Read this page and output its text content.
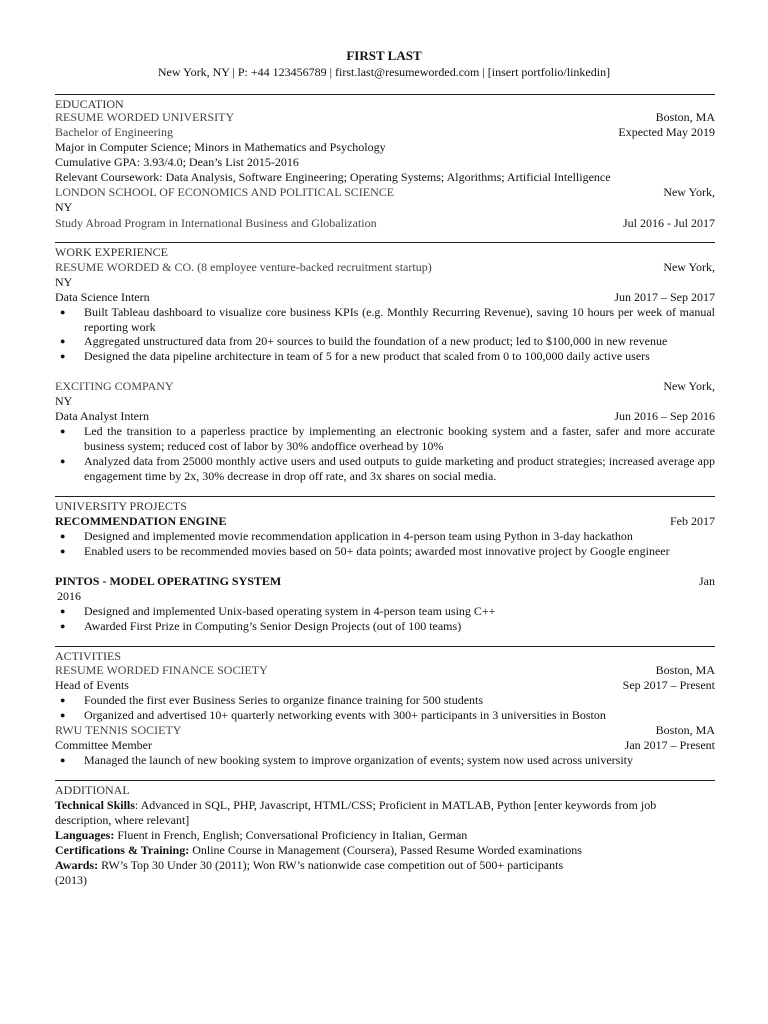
FIRST LAST
New York, NY | P: +44 123456789 | first.last@resumeworded.com | [insert portfolio/linkedin]
EDUCATION
RESUME WORDED UNIVERSITY	Boston, MA
Bachelor of Engineering	Expected May 2019
Major in Computer Science; Minors in Mathematics and Psychology
Cumulative GPA: 3.93/4.0; Dean’s List 2015-2016
Relevant Coursework: Data Analysis, Software Engineering; Operating Systems; Algorithms; Artificial Intelligence
LONDON SCHOOL OF ECONOMICS AND POLITICAL SCIENCE	New York,
NY
Study Abroad Program in International Business and Globalization	Jul 2016 - Jul 2017
WORK EXPERIENCE
RESUME WORDED & CO. (8 employee venture-backed recruitment startup)	New York,
NY
Data Science Intern	Jun 2017 – Sep 2017
● Built Tableau dashboard to visualize core business KPIs (e.g. Monthly Recurring Revenue), saving 10 hours per week of manual reporting work
● Aggregated unstructured data from 20+ sources to build the foundation of a new product; led to $100,000 in new revenue
● Designed the data pipeline architecture in team of 5 for a new product that scaled from 0 to 100,000 daily active users
EXCITING COMPANY	New York,
NY
Data Analyst Intern	Jun 2016 – Sep 2016
● Led the transition to a paperless practice by implementing an electronic booking system and a faster, safer and more accurate business system; reduced cost of labor by 30% andoffice overhead by 10%
● Analyzed data from 25000 monthly active users and used outputs to guide marketing and product strategies; increased average app engagement time by 2x, 30% decrease in drop off rate, and 3x shares on social media.
UNIVERSITY PROJECTS
RECOMMENDATION ENGINE	Feb 2017
● Designed and implemented movie recommendation application in 4-person team using Python in 3-day hackathon
● Enabled users to be recommended movies based on 50+ data points; awarded most innovative project by Google engineer
PINTOS - MODEL OPERATING SYSTEM	Jan
2016
● Designed and implemented Unix-based operating system in 4-person team using C++
● Awarded First Prize in Computing’s Senior Design Projects (out of 100 teams)
ACTIVITIES
RESUME WORDED FINANCE SOCIETY	Boston, MA
Head of Events	Sep 2017 – Present
● Founded the first ever Business Series to organize finance training for 500 students
● Organized and advertised 10+ quarterly networking events with 300+ participants in 3 universities in Boston
RWU TENNIS SOCIETY	Boston, MA
Committee Member	Jan 2017 – Present
● Managed the launch of new booking system to improve organization of events; system now used across university
ADDITIONAL
Technical Skills: Advanced in SQL, PHP, Javascript, HTML/CSS; Proficient in MATLAB, Python [enter keywords from job
description, where relevant]
Languages: Fluent in French, English; Conversational Proficiency in Italian, German
Certifications & Training: Online Course in Management (Coursera), Passed Resume Worded examinations
Awards: RW’s Top 30 Under 30 (2011); Won RW’s nationwide case competition out of 500+ participants
(2013)
